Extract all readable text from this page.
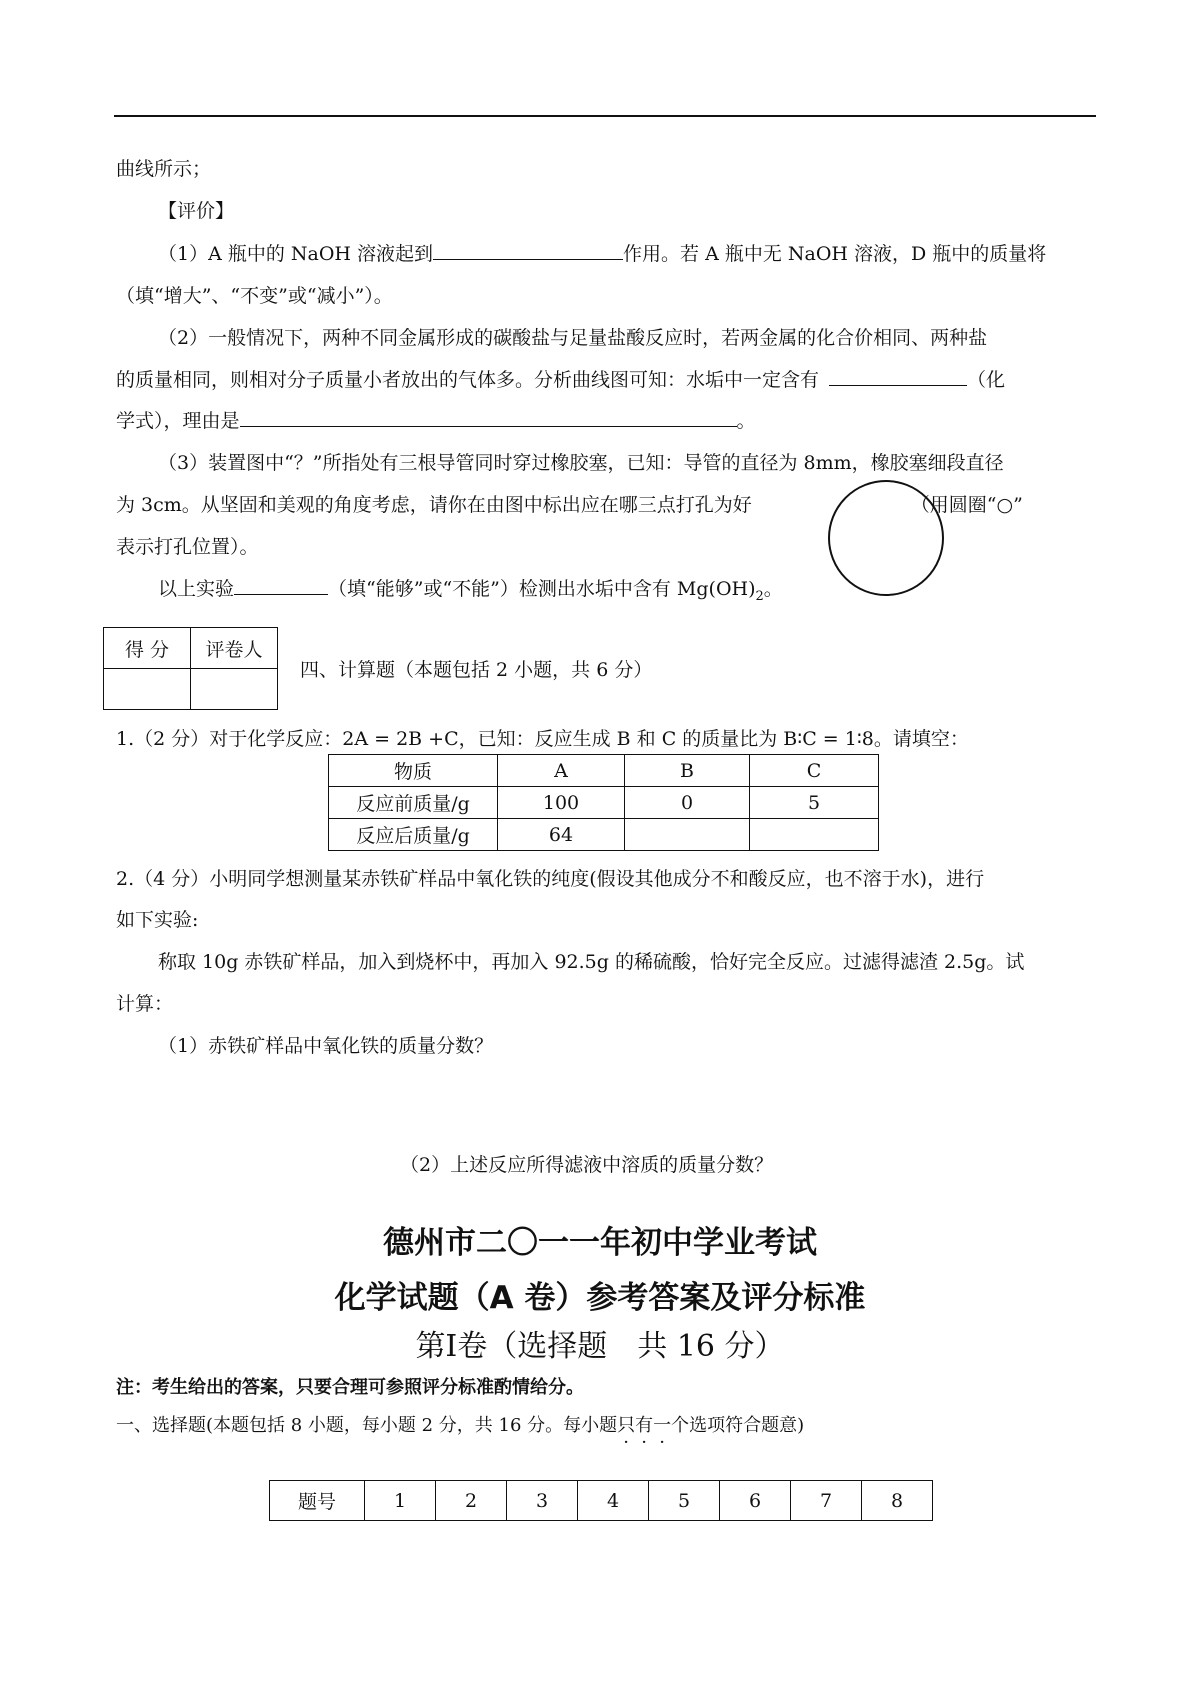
曲线所示；
【评价】
（1）A 瓶中的 NaOH 溶液起到	作用。若 A 瓶中无 NaOH 溶液，D 瓶中的质量将
（填“增大”、“不变”或“减小”）。
（2）一般情况下，两种不同金属形成的碳酸盐与足量盐酸反应时，若两金属的化合价相同、两种盐
的质量相同，则相对分子质量小者放出的气体多。分析曲线图可知：水垢中一定含有	（化
学式），理由是	。
（3）装置图中“？”所指处有三根导管同时穿过橡胶塞，已知：导管的直径为 8mm，橡胶塞细段直径
为 3cm。从坚固和美观的角度考虑，请你在由图中标出应在哪三点打孔为好	（用圆圈“○”
表示打孔位置）。
以上实验	（填“能够”或“不能”）检测出水垢中含有 $Mg(OH)_2$。
得 分	评卷人

四、计算题（本题包括 2 小题，共 6 分）
1.（2 分）对于化学反应：2A = 2B +C，已知：反应生成 B 和 C 的质量比为 B∶C = 1∶8。请填空：
物质	A	B	C
反应前质量/g	100	0	5
反应后质量/g	64		
2.（4 分）小明同学想测量某赤铁矿样品中氧化铁的纯度(假设其他成分不和酸反应，也不溶于水)，进行
如下实验:
称取 10g 赤铁矿样品，加入到烧杯中，再加入 92.5g 的稀硫酸，恰好完全反应。过滤得滤渣 2.5g。试
计算：
（1）赤铁矿样品中氧化铁的质量分数？
（2）上述反应所得滤液中溶质的质量分数？
德州市二〇一一年初中学业考试
化学试题（A 卷）参考答案及评分标准
第Ⅰ卷（选择题　共 16 分）
注：考生给出的答案，只要合理可参照评分标准酌情给分。
一、选择题(本题包括 8 小题，每小题 2 分，共 16 分。每小题只有一个选项符合题意)
题号	1	2	3	4	5	6	7	8
